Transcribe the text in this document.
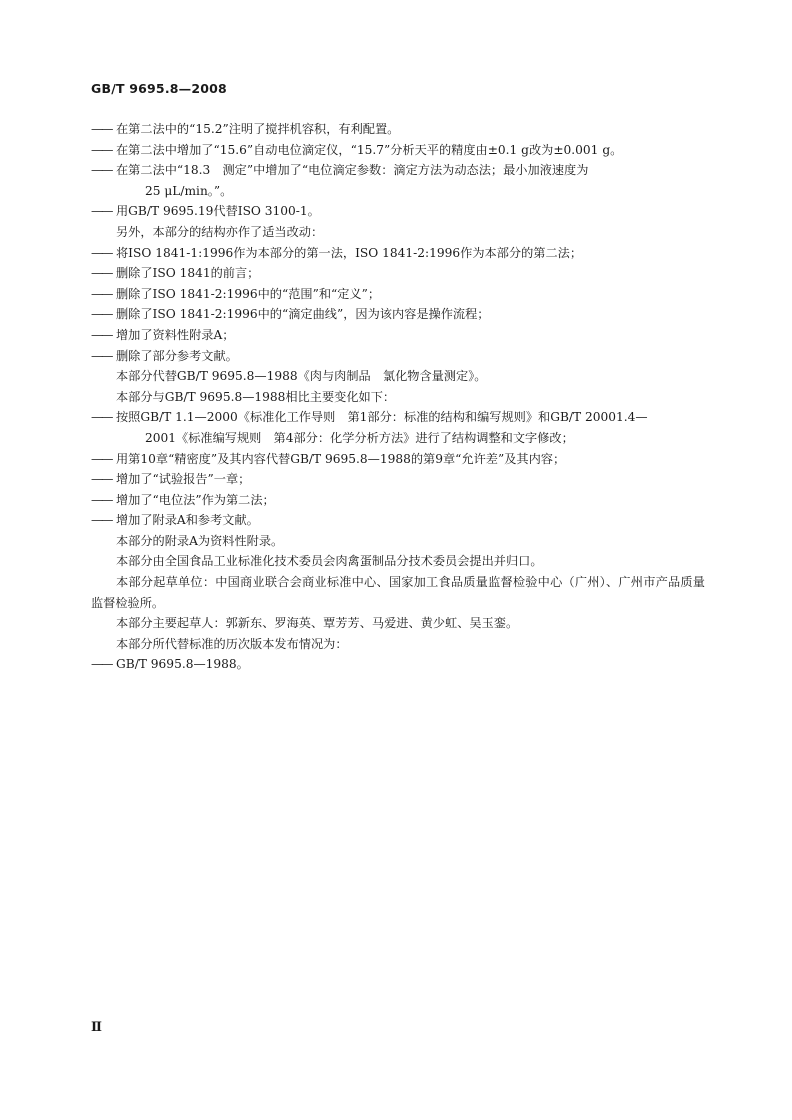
GB/T 9695.8—2008
—— 在第二法中的“15.2”注明了搅拌机容积，有利配置。
—— 在第二法中增加了“15.6”自动电位滴定仪，“15.7”分析天平的精度由±0.1 g改为±0.001 g。
—— 在第二法中“18.3　测定”中增加了“电位滴定参数：滴定方法为动态法；最小加液速度为
25 μL/min。”。
—— 用GB/T 9695.19代替ISO 3100-1。
另外，本部分的结构亦作了适当改动：
—— 将ISO 1841-1:1996作为本部分的第一法，ISO 1841-2:1996作为本部分的第二法；
—— 删除了ISO 1841的前言；
—— 删除了ISO 1841-2:1996中的“范围”和“定义”；
—— 删除了ISO 1841-2:1996中的“滴定曲线”，因为该内容是操作流程；
—— 增加了资料性附录A；
—— 删除了部分参考文献。
本部分代替GB/T 9695.8—1988《肉与肉制品　氯化物含量测定》。
本部分与GB/T 9695.8—1988相比主要变化如下：
—— 按照GB/T 1.1—2000《标准化工作导则　第1部分：标准的结构和编写规则》和GB/T 20001.4—
2001《标准编写规则　第4部分：化学分析方法》进行了结构调整和文字修改；
—— 用第10章“精密度”及其内容代替GB/T 9695.8—1988的第9章“允许差”及其内容；
—— 增加了“试验报告”一章；
—— 增加了“电位法”作为第二法；
—— 增加了附录A和参考文献。
本部分的附录A为资料性附录。
本部分由全国食品工业标准化技术委员会肉禽蛋制品分技术委员会提出并归口。
本部分起草单位：中国商业联合会商业标准中心、国家加工食品质量监督检验中心（广州）、广州市产品质量监督检验所。
本部分主要起草人：郭新东、罗海英、覃芳芳、马爱进、黄少虹、吴玉銮。
本部分所代替标准的历次版本发布情况为：
—— GB/T 9695.8—1988。
Ⅱ
